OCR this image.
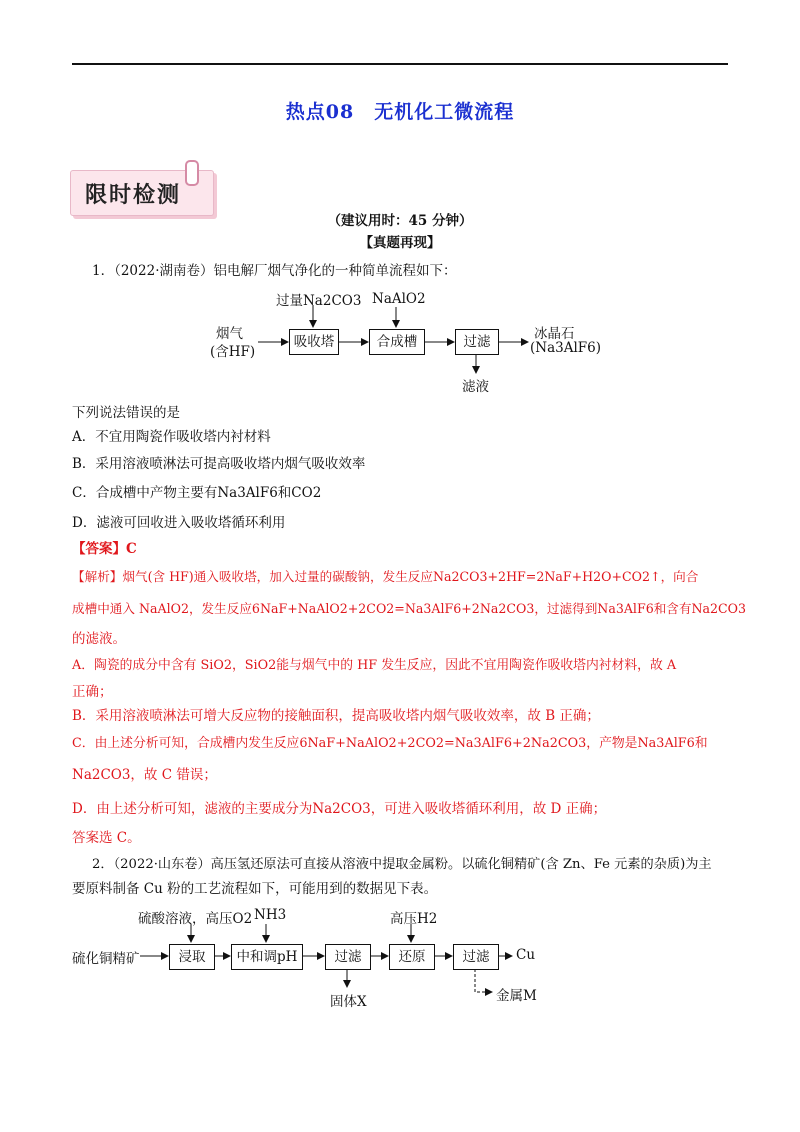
热点08　无机化工微流程
限时检测
（建议用时：45 分钟）
【真题再现】
1．（2022·湖南卷）铝电解厂烟气净化的一种简单流程如下：
烟气
(含HF)
过量Na2CO3 NaAlO2
吸收塔	合成槽	过滤	冰晶石
(Na3AlF6)
滤液
下列说法错误的是
A．不宜用陶瓷作吸收塔内衬材料
B．采用溶液喷淋法可提高吸收塔内烟气吸收效率
C．合成槽中产物主要有Na3AlF6和CO2
D．滤液可回收进入吸收塔循环利用
【答案】C
【解析】烟气(含 HF)通入吸收塔，加入过量的碳酸钠，发生反应Na2CO3+2HF=2NaF+H2O+CO2↑，向合
成槽中通入 NaAlO2，发生反应6NaF+NaAlO2+2CO2=Na3AlF6+2Na2CO3，过滤得到Na3AlF6和含有Na2CO3
的滤液。
A．陶瓷的成分中含有 SiO2，SiO2能与烟气中的 HF 发生反应，因此不宜用陶瓷作吸收塔内衬材料，故 A
正确；
B．采用溶液喷淋法可增大反应物的接触面积，提高吸收塔内烟气吸收效率，故 B 正确；
C．由上述分析可知，合成槽内发生反应6NaF+NaAlO2+2CO2=Na3AlF6+2Na2CO3，产物是Na3AlF6和
Na2CO3，故 C 错误；
D．由上述分析可知，滤液的主要成分为Na2CO3，可进入吸收塔循环利用，故 D 正确；
答案选 C。
2．（2022·山东卷）高压氢还原法可直接从溶液中提取金属粉。以硫化铜精矿(含 Zn、Fe 元素的杂质)为主
要原料制备 Cu 粉的工艺流程如下，可能用到的数据见下表。
硫化铜精矿
硫酸溶液，高压O2 NH3	高压H2
浸取	中和调pH	过滤	还原	过滤	Cu
固体X	金属M
